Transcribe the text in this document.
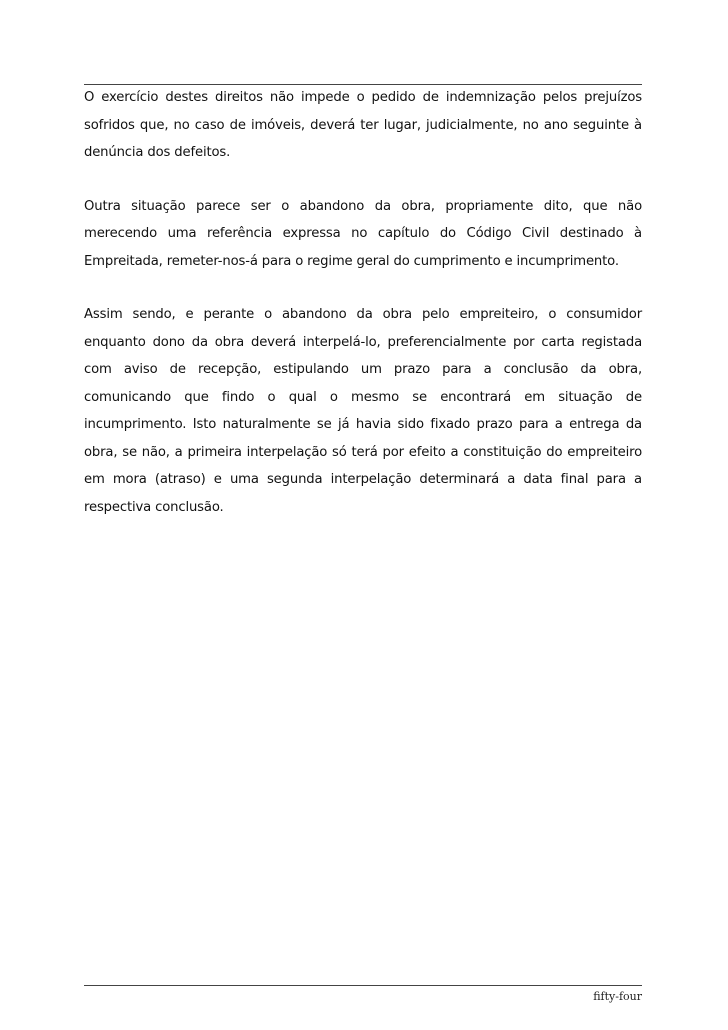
O exercício destes direitos não impede o pedido de indemnização pelos prejuízos sofridos que, no caso de imóveis, deverá ter lugar, judicialmente, no ano seguinte à denúncia dos defeitos.

Outra situação parece ser o abandono da obra, propriamente dito, que não merecendo uma referência expressa no capítulo do Código Civil destinado à Empreitada, remeter-nos-á para o regime geral do cumprimento e incumprimento.

Assim sendo, e perante o abandono da obra pelo empreiteiro, o consumidor enquanto dono da obra deverá interpelá-lo, preferencialmente por carta registada com aviso de recepção, estipulando um prazo para a conclusão da obra, comunicando que findo o qual o mesmo se encontrará em situação de incumprimento. Isto naturalmente se já havia sido fixado prazo para a entrega da obra, se não, a primeira interpelação só terá por efeito a constituição do empreiteiro em mora (atraso) e uma segunda interpelação determinará a data final para a respectiva conclusão.

fifty-four
